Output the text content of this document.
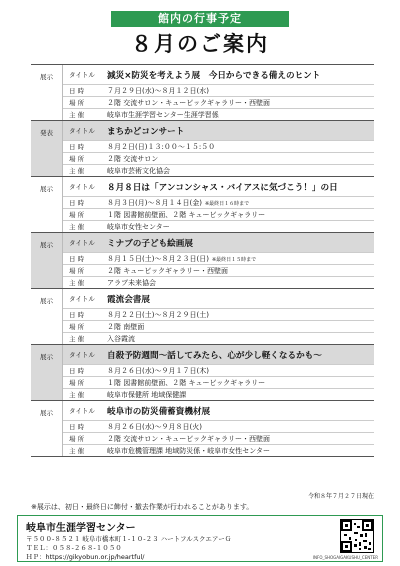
館内の行事予定
８月のご案内
展示	タイトル	減災×防災を考えよう展　今日からできる備えのヒント
日 時	７月２９日(水)～８月１２日(水)
場 所	２階 交流サロン・キュービックギャラリー・西壁面
主 催	岐阜市生涯学習センター生涯学習係
発表	タイトル	まちかどコンサート
日 時	８月２日(日)１３:００～１５:５０
場 所	２階 交流サロン
主 催	岐阜市芸術文化協会
展示	タイトル	８月８日は「アンコンシャス・バイアスに気づこう！」の日
日 時	８月３日(月)～８月１４日(金) ※最終日１６時まで
場 所	１階 図書館前壁面、２階 キュービックギャラリー
主 催	岐阜市女性センター
展示	タイトル	ミナブの子ども絵画展
日 時	８月１５日(土)～８月２３日(日) ※最終日１５時まで
場 所	２階 キュービックギャラリー・西壁面
主 催	アラブ未来協会
展示	タイトル	霞流会書展
日 時	８月２２日(土)～８月２９日(土)
場 所	２階 南壁面
主 催	入谷霞流
展示	タイトル	自殺予防週間～話してみたら、心が少し軽くなるかも～
日 時	８月２６日(水)～９月１７日(木)
場 所	１階 図書館前壁面、２階 キュービックギャラリー
主 催	岐阜市保健所 地域保健課
展示	タイトル	岐阜市の防災備蓄資機材展
日 時	８月２６日(水)～９月８日(火)
場 所	２階 交流サロン・キュービックギャラリー・西壁面
主 催	岐阜市危機管理課 地域防災係・岐阜市女性センター
令和８年７月２７日現在
※展示は、初日・最終日に飾付・撤去作業が行われることがあります。
岐阜市生涯学習センター
〒５００-８５２１ 岐阜市橋本町１-１０-２３ ハートフルスクエアーＧ
ＴＥＬ：０５８-２６８-１０５０
ＨＰ：https://gikyobun.or.jp/heartful/	INFO_SHOGAIGAKUSHU_CENTER
